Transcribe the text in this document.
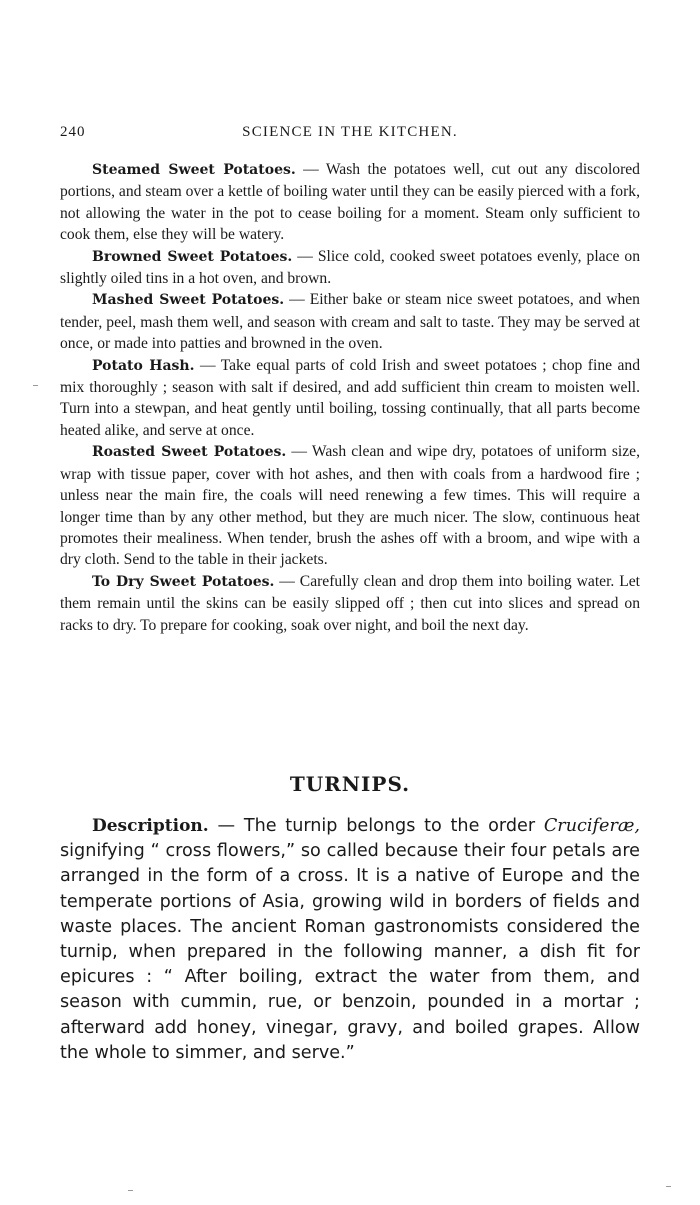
240	SCIENCE IN THE KITCHEN.

Steamed Sweet Potatoes. — Wash the potatoes well, cut out any discolored portions, and steam over a kettle of boiling water until they can be easily pierced with a fork, not allowing the water in the pot to cease boiling for a moment. Steam only sufficient to cook them, else they will be watery.

Browned Sweet Potatoes. — Slice cold, cooked sweet potatoes evenly, place on slightly oiled tins in a hot oven, and brown.

Mashed Sweet Potatoes. — Either bake or steam nice sweet potatoes, and when tender, peel, mash them well, and season with cream and salt to taste. They may be served at once, or made into patties and browned in the oven.

Potato Hash. — Take equal parts of cold Irish and sweet potatoes ; chop fine and mix thoroughly ; season with salt if desired, and add sufficient thin cream to moisten well. Turn into a stewpan, and heat gently until boiling, tossing continually, that all parts become heated alike, and serve at once.

Roasted Sweet Potatoes. — Wash clean and wipe dry, potatoes of uniform size, wrap with tissue paper, cover with hot ashes, and then with coals from a hardwood fire ; unless near the main fire, the coals will need renewing a few times. This will require a longer time than by any other method, but they are much nicer. The slow, continuous heat promotes their mealiness. When tender, brush the ashes off with a broom, and wipe with a dry cloth. Send to the table in their jackets.

To Dry Sweet Potatoes. — Carefully clean and drop them into boiling water. Let them remain until the skins can be easily slipped off ; then cut into slices and spread on racks to dry. To prepare for cooking, soak over night, and boil the next day.

TURNIPS.

Description. — The turnip belongs to the order Cruciferæ, signifying “ cross flowers,” so called because their four petals are arranged in the form of a cross. It is a native of Europe and the temperate portions of Asia, growing wild in borders of fields and waste places. The ancient Roman gastronomists considered the turnip, when prepared in the following manner, a dish fit for epicures : “ After boiling, extract the water from them, and season with cummin, rue, or benzoin, pounded in a mortar ; afterward add honey, vinegar, gravy, and boiled grapes. Allow the whole to simmer, and serve.”
